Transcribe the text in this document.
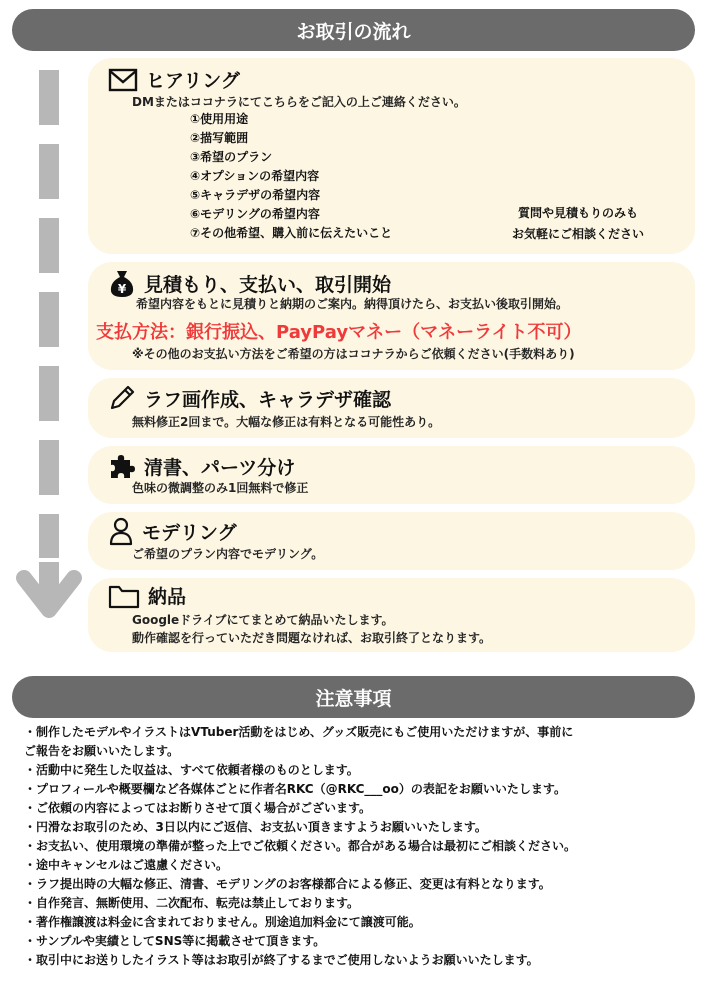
お取引の流れ
ヒアリング
DMまたはココナラにてこちらをご記入の上ご連絡ください。
①使用用途
②描写範囲
③希望のプラン
④オプションの希望内容
⑤キャラデザの希望内容
⑥モデリングの希望内容
⑦その他希望、購入前に伝えたいこと
質問や見積もりのみも
お気軽にご相談ください
¥ 見積もり、支払い、取引開始
希望内容をもとに見積りと納期のご案内。納得頂けたら、お支払い後取引開始。
支払方法：銀行振込、PayPayマネー（マネーライト不可）
※その他のお支払い方法をご希望の方はココナラからご依頼ください(手数料あり)
ラフ画作成、キャラデザ確認
無料修正2回まで。大幅な修正は有料となる可能性あり。
清書、パーツ分け
色味の微調整のみ1回無料で修正
モデリング
ご希望のプラン内容でモデリング。
納品
Googleドライブにてまとめて納品いたします。
動作確認を行っていただき問題なければ、お取引終了となります。
注意事項
・制作したモデルやイラストはVTuber活動をはじめ、グッズ販売にもご使用いただけますが、事前に
ご報告をお願いいたします。
・活動中に発生した収益は、すべて依頼者様のものとします。
・プロフィールや概要欄など各媒体ごとに作者名RKC（@RKC___oo）の表記をお願いいたします。
・ご依頼の内容によってはお断りさせて頂く場合がございます。
・円滑なお取引のため、3日以内にご返信、お支払い頂きますようお願いいたします。
・お支払い、使用環境の準備が整った上でご依頼ください。都合がある場合は最初にご相談ください。
・途中キャンセルはご遠慮ください。
・ラフ提出時の大幅な修正、清書、モデリングのお客様都合による修正、変更は有料となります。
・自作発言、無断使用、二次配布、転売は禁止しております。
・著作権譲渡は料金に含まれておりません。別途追加料金にて譲渡可能。
・サンプルや実績としてSNS等に掲載させて頂きます。
・取引中にお送りしたイラスト等はお取引が終了するまでご使用しないようお願いいたします。
